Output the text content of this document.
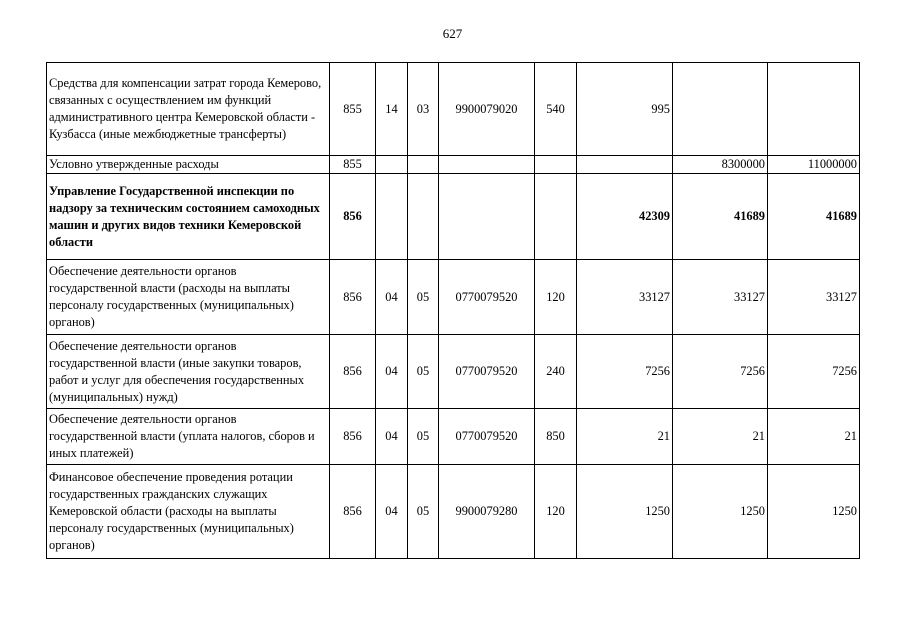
627
Средства для компенсации затрат города Кемерово, связанных с осуществлением им функций административного центра Кемеровской области - Кузбасса (иные межбюджетные трансферты)	855	14	03	9900079020	540	995		
Условно утвержденные расходы	855						8300000	11000000
Управление Государственной инспекции по надзору за техническим состоянием самоходных машин и других видов техники Кемеровской области	856					42309	41689	41689
Обеспечение деятельности органов государственной власти (расходы на выплаты персоналу государственных (муниципальных) органов)	856	04	05	0770079520	120	33127	33127	33127
Обеспечение деятельности органов государственной власти (иные закупки товаров, работ и услуг для обеспечения государственных (муниципальных) нужд)	856	04	05	0770079520	240	7256	7256	7256
Обеспечение деятельности органов государственной власти (уплата налогов, сборов и иных платежей)	856	04	05	0770079520	850	21	21	21
Финансовое обеспечение проведения ротации государственных гражданских служащих Кемеровской области (расходы на выплаты персоналу государственных (муниципальных) органов)	856	04	05	9900079280	120	1250	1250	1250
